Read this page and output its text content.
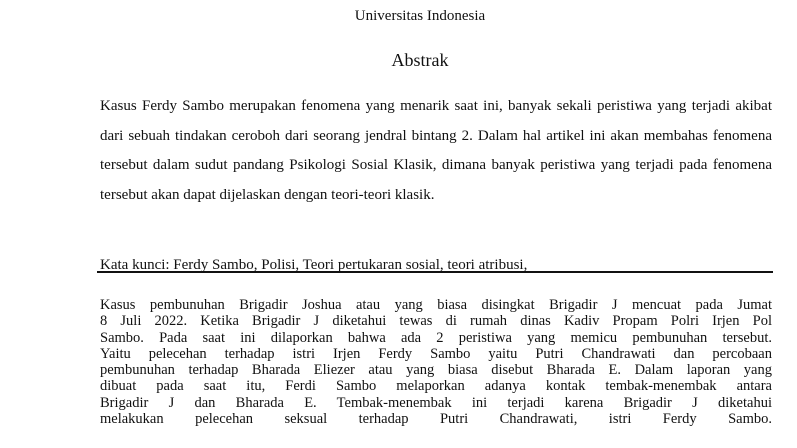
Universitas Indonesia
Abstrak

Kasus Ferdy Sambo merupakan fenomena yang menarik saat ini, banyak sekali peristiwa yang terjadi akibat dari sebuah tindakan ceroboh dari seorang jendral bintang 2. Dalam hal artikel ini akan membahas fenomena tersebut dalam sudut pandang Psikologi Sosial Klasik, dimana banyak peristiwa yang terjadi pada fenomena tersebut akan dapat dijelaskan dengan teori-teori klasik.

Kata kunci: Ferdy Sambo, Polisi, Teori pertukaran sosial, teori atribusi,
Kasus pembunuhan Brigadir Joshua atau yang biasa disingkat Brigadir J mencuat pada Jumat
8 Juli 2022. Ketika Brigadir J diketahui tewas di rumah dinas Kadiv Propam Polri Irjen Pol
Sambo. Pada saat ini dilaporkan bahwa ada 2 peristiwa yang memicu pembunuhan tersebut.
Yaitu pelecehan terhadap istri Irjen Ferdy Sambo yaitu Putri Chandrawati dan percobaan
pembunuhan terhadap Bharada Eliezer atau yang biasa disebut Bharada E. Dalam laporan yang
dibuat pada saat itu, Ferdi Sambo melaporkan adanya kontak tembak-menembak antara
Brigadir J dan Bharada E. Tembak-menembak ini terjadi karena Brigadir J diketahui
melakukan pelecehan seksual terhadap Putri Chandrawati, istri Ferdy Sambo.
